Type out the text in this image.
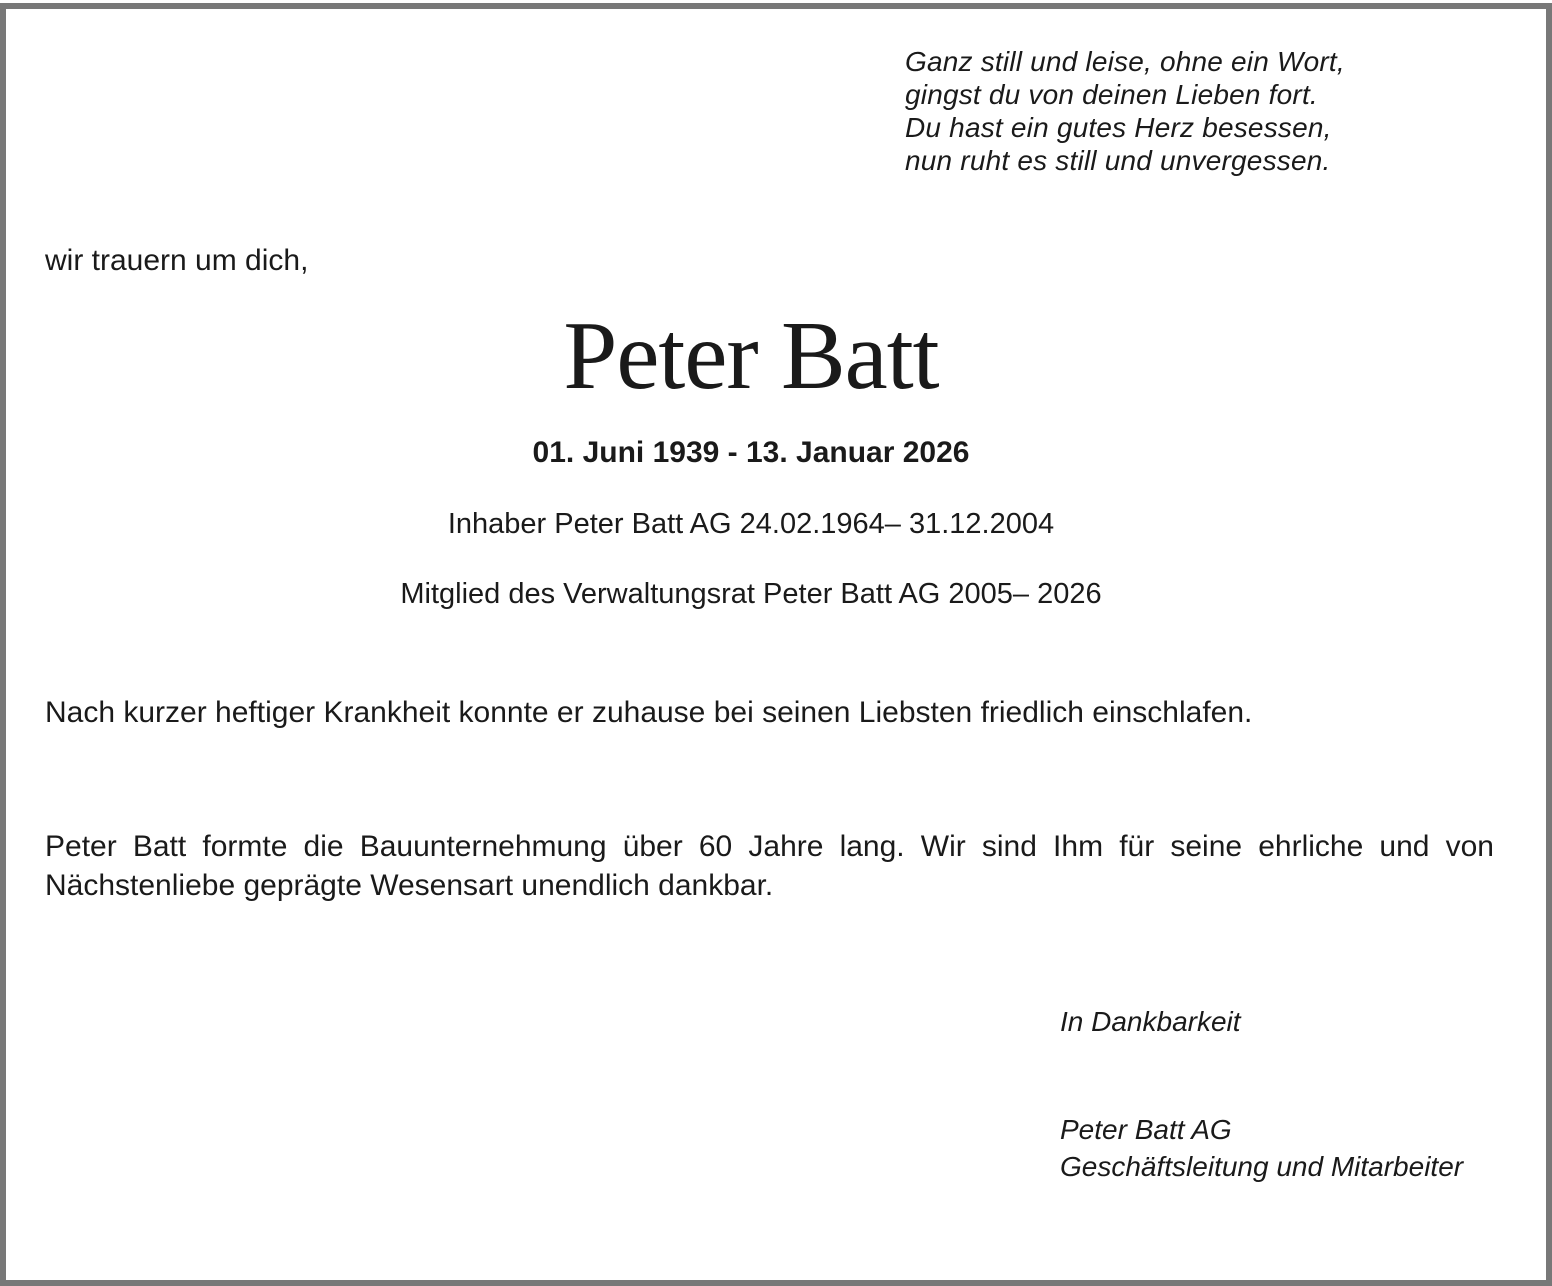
Ganz still und leise, ohne ein Wort,
gingst du von deinen Lieben fort.
Du hast ein gutes Herz besessen,
nun ruht es still und unvergessen.
wir trauern um dich,
Peter Batt
01. Juni 1939 - 13. Januar 2026
Inhaber Peter Batt AG 24.02.1964– 31.12.2004
Mitglied des Verwaltungsrat Peter Batt AG 2005– 2026

Nach kurzer heftiger Krankheit konnte er zuhause bei seinen Liebsten friedlich einschlafen.

Peter Batt formte die Bauunternehmung über 60 Jahre lang. Wir sind Ihm für seine ehrliche und von Nächstenliebe geprägte Wesensart unendlich dankbar.

In Dankbarkeit
Peter Batt AG
Geschäftsleitung und Mitarbeiter
